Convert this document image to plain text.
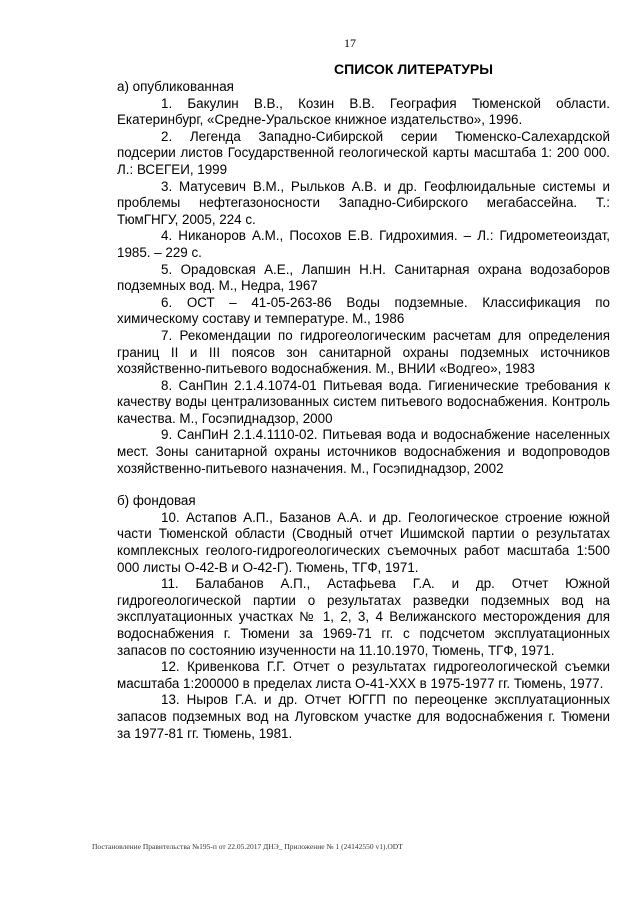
17

СПИСОК ЛИТЕРАТУРЫ

а) опубликованная

1. Бакулин В.В., Козин В.В. География Тюменской области. Екатеринбург, «Средне-Уральское книжное издательство», 1996.

2. Легенда Западно-Сибирской серии Тюменско-Салехардской подсерии листов Государственной геологической карты масштаба 1: 200 000. Л.: ВСЕГЕИ, 1999

3. Матусевич В.М., Рыльков А.В. и др. Геофлюидальные системы и проблемы нефтегазоносности Западно-Сибирского мегабассейна. Т.: ТюмГНГУ, 2005, 224 с.

4. Никаноров А.М., Посохов Е.В. Гидрохимия. – Л.: Гидрометеоиздат, 1985. – 229 с.

5. Орадовская А.Е., Лапшин Н.Н. Санитарная охрана водозаборов подземных вод. М., Недра, 1967

6. ОСТ – 41-05-263-86 Воды подземные. Классификация по химическому составу и температуре. М., 1986

7. Рекомендации по гидрогеологическим расчетам для определения границ II и III поясов зон санитарной охраны подземных источников хозяйственно-питьевого водоснабжения. М., ВНИИ «Водгео», 1983

8. СанПин 2.1.4.1074-01 Питьевая вода. Гигиенические требования к качеству воды централизованных систем питьевого водоснабжения. Контроль качества. М., Госэпиднадзор, 2000

9. СанПиН 2.1.4.1110-02. Питьевая вода и водоснабжение населенных мест. Зоны санитарной охраны источников водоснабжения и водопроводов хозяйственно-питьевого назначения. М., Госэпиднадзор, 2002

б) фондовая

10. Астапов А.П., Базанов А.А. и др. Геологическое строение южной части Тюменской области (Сводный отчет Ишимской партии о результатах комплексных геолого-гидрогеологических съемочных работ масштаба 1:500 000 листы О-42-В и О-42-Г). Тюмень, ТГФ, 1971.

11. Балабанов А.П., Астафьева Г.А. и др. Отчет Южной гидрогеологической партии о результатах разведки подземных вод на эксплуатационных участках № 1, 2, 3, 4 Велижанского месторождения для водоснабжения г. Тюмени за 1969-71 гг. с подсчетом эксплуатационных запасов по состоянию изученности на 11.10.1970, Тюмень, ТГФ, 1971.

12. Кривенкова Г.Г. Отчет о результатах гидрогеологической съемки масштаба 1:200000 в пределах листа О-41-XXX в 1975-1977 гг. Тюмень, 1977.

13. Ныров Г.А. и др. Отчет ЮГГП по переоценке эксплуатационных запасов подземных вод на Луговском участке для водоснабжения г. Тюмени за 1977-81 гг. Тюмень, 1981.

Постановление Правительства №195-п от 22.05.2017 ДНЭ_ Приложение № 1 (24142550 v1).ODT
